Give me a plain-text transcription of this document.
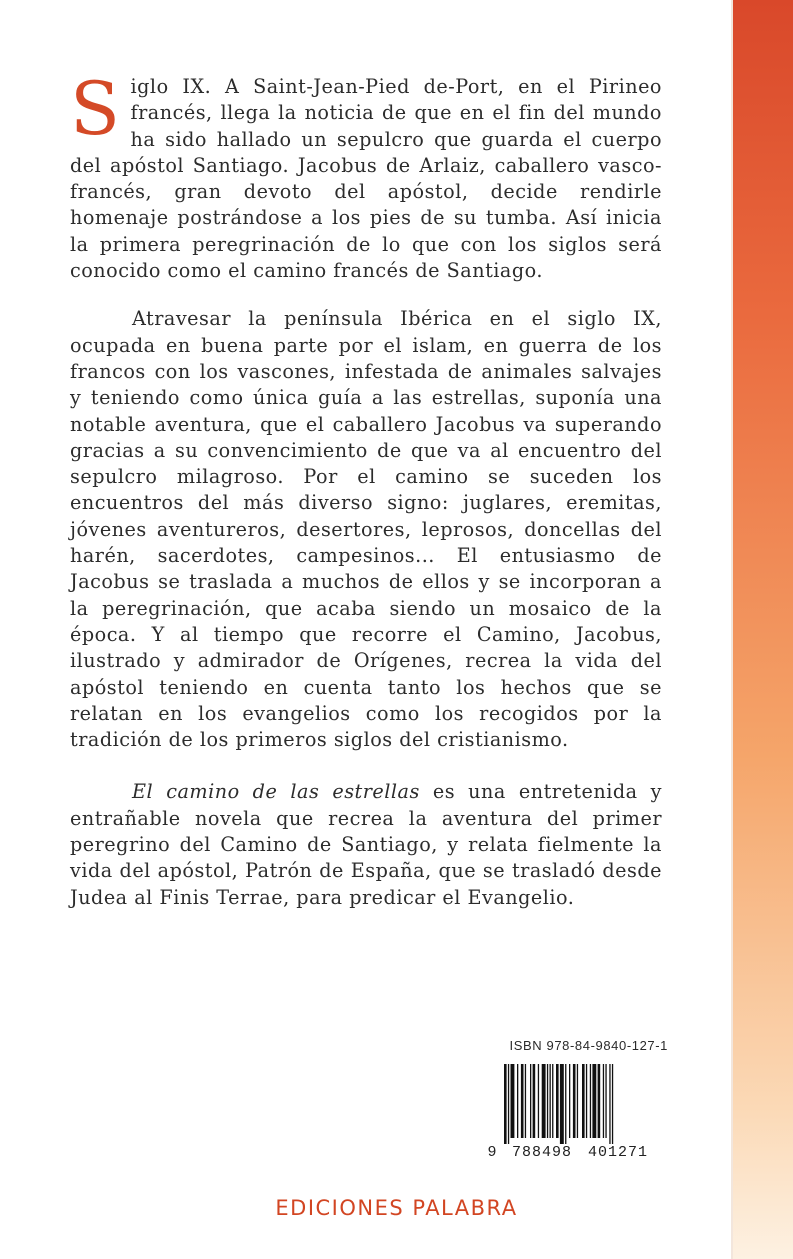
Siglo IX. A Saint-Jean-Pied de-Port, en el Pirineo francés, llega la noticia de que en el fin del mundo ha sido hallado un sepulcro que guarda el cuerpo del apóstol Santiago. Jacobus de Arlaiz, caballero vasco-francés, gran devoto del apóstol, decide rendirle homenaje postrándose a los pies de su tumba. Así inicia la primera peregrinación de lo que con los siglos será conocido como el camino francés de Santiago.

Atravesar la península Ibérica en el siglo IX, ocupada en buena parte por el islam, en guerra de los francos con los vascones, infestada de animales salvajes y teniendo como única guía a las estrellas, suponía una notable aventura, que el caballero Jacobus va superando gracias a su convencimiento de que va al encuentro del sepulcro milagroso. Por el camino se suceden los encuentros del más diverso signo: juglares, eremitas, jóvenes aventureros, desertores, leprosos, doncellas del harén, sacerdotes, campesinos... El entusiasmo de Jacobus se traslada a muchos de ellos y se incorporan a la peregrinación, que acaba siendo un mosaico de la época. Y al tiempo que recorre el Camino, Jacobus, ilustrado y admirador de Orígenes, recrea la vida del apóstol teniendo en cuenta tanto los hechos que se relatan en los evangelios como los recogidos por la tradición de los primeros siglos del cristianismo.

El camino de las estrellas es una entretenida y entrañable novela que recrea la aventura del primer peregrino del Camino de Santiago, y relata fielmente la vida del apóstol, Patrón de España, que se trasladó desde Judea al Finis Terrae, para predicar el Evangelio.

ISBN 978-84-9840-127-1
9 788498 401271
EDICIONES PALABRA
